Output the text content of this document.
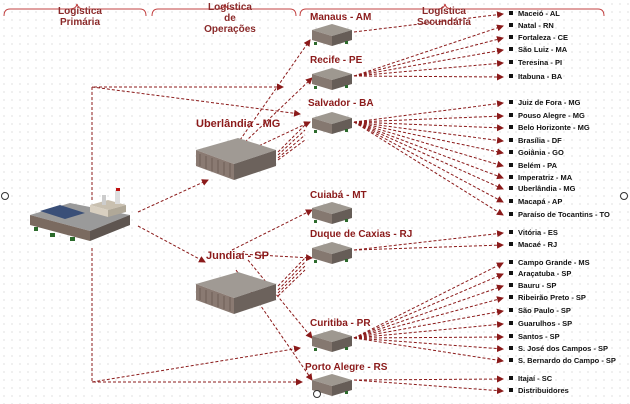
Logística
Primária
Logística
de
Operações
Logística
Secundária
Uberlândia - MG
Jundiaí - SP
Manaus - AM
Recife - PE
Salvador - BA
Cuiabá - MT
Duque de Caxias - RJ
Curitiba - PR
Porto Alegre - RS
Maceió - AL
Natal - RN
Fortaleza - CE
São Luiz - MA
Teresina - PI
Itabuna - BA
Juiz de Fora - MG
Pouso Alegre - MG
Belo Horizonte - MG
Brasília - DF
Goiânia - GO
Belém - PA
Imperatriz - MA
Uberlândia - MG
Macapá - AP
Paraíso de Tocantins - TO
Vitória - ES
Macaé - RJ
Campo Grande - MS
Araçatuba - SP
Bauru - SP
Ribeirão Preto - SP
São Paulo - SP
Guarulhos - SP
Santos - SP
S. José dos Campos - SP
S. Bernardo do Campo - SP
Itajaí - SC
Distribuidores
